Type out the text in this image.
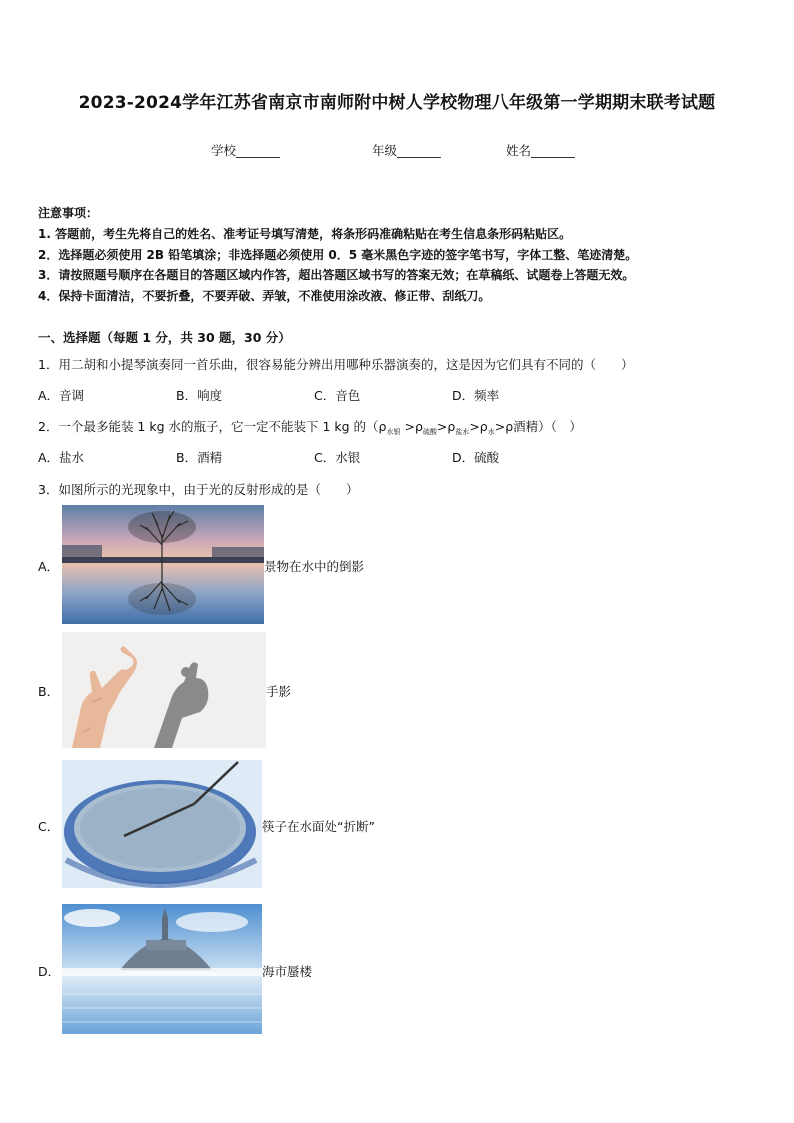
2023-2024学年江苏省南京市南师附中树人学校物理八年级第一学期期末联考试题
学校_______	年级_______	姓名_______
注意事项：
1. 答题前，考生先将自己的姓名、准考证号填写清楚，将条形码准确粘贴在考生信息条形码粘贴区。
2．选择题必须使用 2B 铅笔填涂；非选择题必须使用 0．5 毫米黑色字迹的签字笔书写，字体工整、笔迹清楚。
3．请按照题号顺序在各题目的答题区域内作答，超出答题区域书写的答案无效；在草稿纸、试题卷上答题无效。
4．保持卡面清洁，不要折叠，不要弄破、弄皱，不准使用涂改液、修正带、刮纸刀。
一、选择题（每题 1 分，共 30 题，30 分）
1．用二胡和小提琴演奏同一首乐曲，很容易能分辨出用哪种乐器演奏的，这是因为它们具有不同的（　　）
A．音调	B．响度	C．音色	D．频率
2．一个最多能装 1 kg 水的瓶子，它一定不能装下 1 kg 的（$\rho_{水银} >\rho_{硫酸}>\rho_{盐水}>\rho_水>\rho$酒精）（　）
A．盐水	B．酒精	C．水银	D．硫酸
3．如图所示的光现象中，由于光的反射形成的是（　　）
A．	景物在水中的倒影
B．	手影
C．	筷子在水面处“折断”
D．	海市蜃楼
